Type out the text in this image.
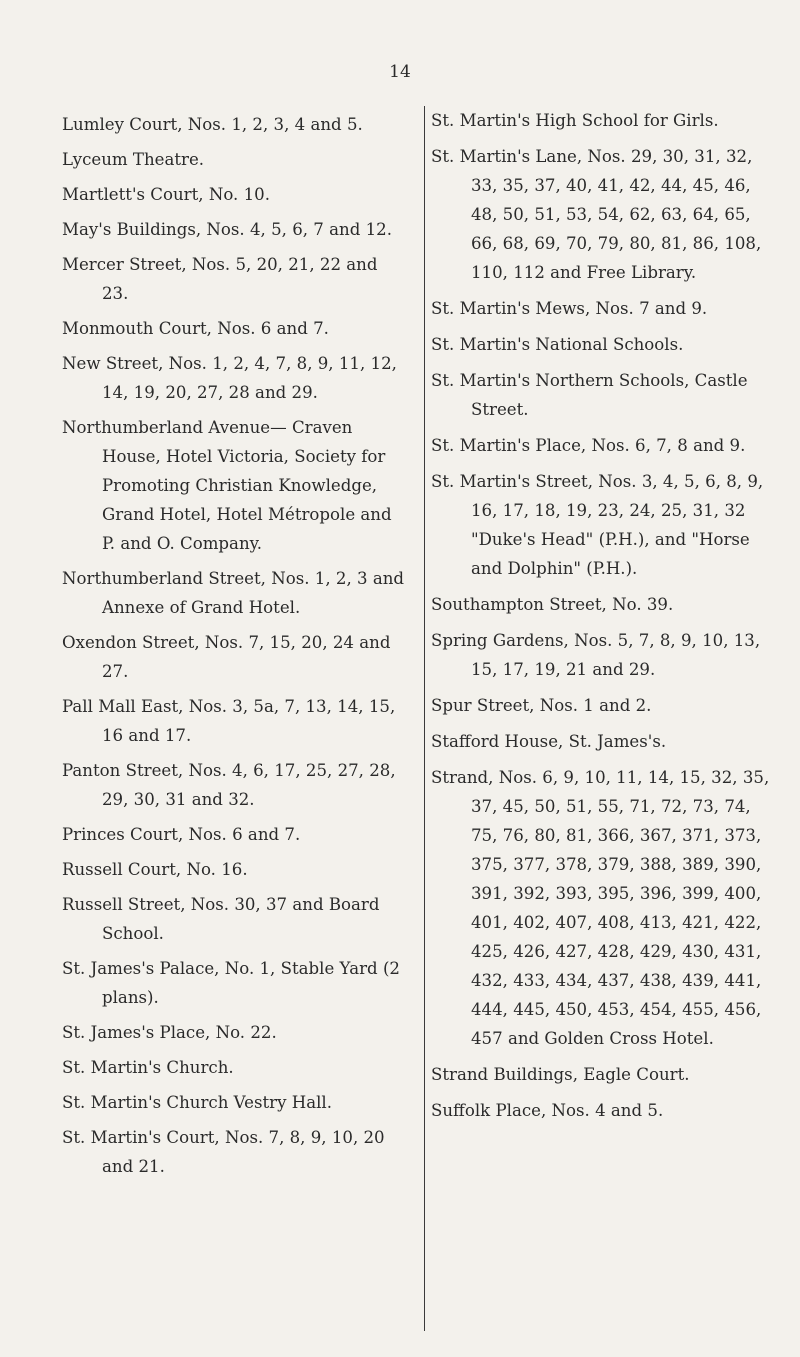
14
Lumley Court, Nos. 1, 2, 3, 4 and 5.
Lyceum Theatre.
Martlett's Court, No. 10.
May's Buildings, Nos. 4, 5, 6, 7 and 12.
Mercer Street, Nos. 5, 20, 21, 22 and 23.
Monmouth Court, Nos. 6 and 7.
New Street, Nos. 1, 2, 4, 7, 8, 9, 11, 12, 14, 19, 20, 27, 28 and 29.
Northumberland Avenue— Craven House, Hotel Victoria, Society for Promoting Christian Knowledge, Grand Hotel, Hotel Métropole and P. and O. Company.
Northumberland Street, Nos. 1, 2, 3 and Annexe of Grand Hotel.
Oxendon Street, Nos. 7, 15, 20, 24 and 27.
Pall Mall East, Nos. 3, 5a, 7, 13, 14, 15, 16 and 17.
Panton Street, Nos. 4, 6, 17, 25, 27, 28, 29, 30, 31 and 32.
Princes Court, Nos. 6 and 7.
Russell Court, No. 16.
Russell Street, Nos. 30, 37 and Board School.
St. James's Palace, No. 1, Stable Yard (2 plans).
St. James's Place, No. 22.
St. Martin's Church.
St. Martin's Church Vestry Hall.
St. Martin's Court, Nos. 7, 8, 9, 10, 20 and 21.
St. Martin's High School for Girls.
St. Martin's Lane, Nos. 29, 30, 31, 32, 33, 35, 37, 40, 41, 42, 44, 45, 46, 48, 50, 51, 53, 54, 62, 63, 64, 65, 66, 68, 69, 70, 79, 80, 81, 86, 108, 110, 112 and Free Library.
St. Martin's Mews, Nos. 7 and 9.
St. Martin's National Schools.
St. Martin's Northern Schools, Castle Street.
St. Martin's Place, Nos. 6, 7, 8 and 9.
St. Martin's Street, Nos. 3, 4, 5, 6, 8, 9, 16, 17, 18, 19, 23, 24, 25, 31, 32 "Duke's Head" (P.H.), and "Horse and Dolphin" (P.H.).
Southampton Street, No. 39.
Spring Gardens, Nos. 5, 7, 8, 9, 10, 13, 15, 17, 19, 21 and 29.
Spur Street, Nos. 1 and 2.
Stafford House, St. James's.
Strand, Nos. 6, 9, 10, 11, 14, 15, 32, 35, 37, 45, 50, 51, 55, 71, 72, 73, 74, 75, 76, 80, 81, 366, 367, 371, 373, 375, 377, 378, 379, 388, 389, 390, 391, 392, 393, 395, 396, 399, 400, 401, 402, 407, 408, 413, 421, 422, 425, 426, 427, 428, 429, 430, 431, 432, 433, 434, 437, 438, 439, 441, 444, 445, 450, 453, 454, 455, 456, 457 and Golden Cross Hotel.
Strand Buildings, Eagle Court.
Suffolk Place, Nos. 4 and 5.
